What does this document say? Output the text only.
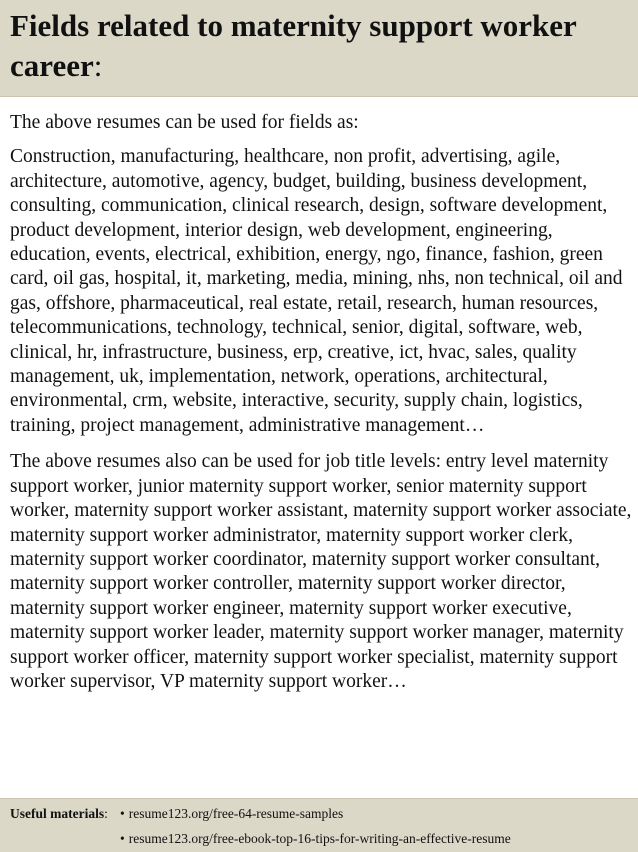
Fields related to maternity support worker career:

The above resumes can be used for fields as:

Construction, manufacturing, healthcare, non profit, advertising, agile, architecture, automotive, agency, budget, building, business development, consulting, communication, clinical research, design, software development, product development, interior design, web development, engineering, education, events, electrical, exhibition, energy, ngo, finance, fashion, green card, oil gas, hospital, it, marketing, media, mining, nhs, non technical, oil and gas, offshore, pharmaceutical, real estate, retail, research, human resources, telecommunications, technology, technical, senior, digital, software, web, clinical, hr, infrastructure, business, erp, creative, ict, hvac, sales, quality management, uk, implementation, network, operations, architectural, environmental, crm, website, interactive, security, supply chain, logistics, training, project management, administrative management…

The above resumes also can be used for job title levels: entry level maternity support worker, junior maternity support worker, senior maternity support worker, maternity support worker assistant, maternity support worker associate, maternity support worker administrator, maternity support worker clerk, maternity support worker coordinator, maternity support worker consultant, maternity support worker controller, maternity support worker director, maternity support worker engineer, maternity support worker executive, maternity support worker leader, maternity support worker manager, maternity support worker officer, maternity support worker specialist, maternity support worker supervisor, VP maternity support worker…

Useful materials: • resume123.org/free-64-resume-samples
• resume123.org/free-ebook-top-16-tips-for-writing-an-effective-resume
